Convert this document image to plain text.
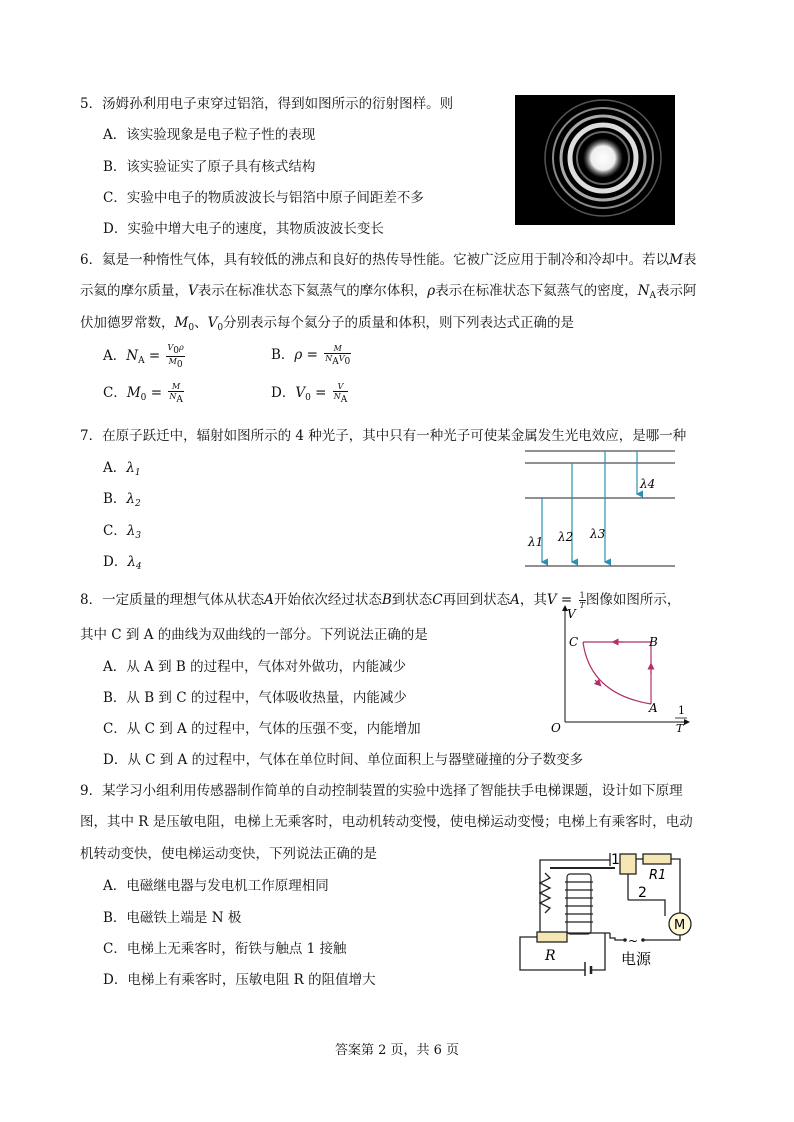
5．汤姆孙利用电子束穿过铝箔，得到如图所示的衍射图样。则
A．该实验现象是电子粒子性的表现
B．该实验证实了原子具有核式结构
C．实验中电子的物质波波长与铝箔中原子间距差不多
D．实验中增大电子的速度，其物质波波长变长
6．氦是一种惰性气体，具有较低的沸点和良好的热传导性能。它被广泛应用于制冷和冷却中。若以M表
示氦的摩尔质量，V表示在标准状态下氦蒸气的摩尔体积，ρ表示在标准状态下氦蒸气的密度，$N_A$表示阿
伏加德罗常数，$M_0$、$V_0$分别表示每个氦分子的质量和体积，则下列表达式正确的是
A．$N_A = \frac{V_0\rho}{M_0}$	B．$\rho = \frac{M}{N_AV_0}$
C．$M_0 = \frac{M}{N_A}$	D．$V_0 = \frac{V}{N_A}$
7．在原子跃迁中，辐射如图所示的 4 种光子，其中只有一种光子可使某金属发生光电效应，是哪一种
A．$\lambda_1$
B．$\lambda_2$
C．$\lambda_3$
D．$\lambda_4$
λ1 λ2 λ3
λ4
8．一定质量的理想气体从状态A开始依次经过状态B到状态C再回到状态A，其$V = \frac{1}{T}$ 图像如图所示，
其中 C 到 A 的曲线为双曲线的一部分。下列说法正确的是
A．从 A 到 B 的过程中，气体对外做功，内能减少
B．从 B 到 C 的过程中，气体吸收热量，内能减少
C．从 C 到 A 的过程中，气体的压强不变，内能增加
D．从 C 到 A 的过程中，气体在单位时间、单位面积上与器壁碰撞的分子数变多
V
1
T
O
C	B
A
9．某学习小组利用传感器制作简单的自动控制装置的实验中选择了智能扶手电梯课题，设计如下原理
图，其中 R 是压敏电阻，电梯上无乘客时，电动机转动变慢，使电梯运动变慢；电梯上有乘客时，电动
机转动变快，使电梯运动变快，下列说法正确的是
A．电磁继电器与发电机工作原理相同
B．电磁铁上端是 N 极
C．电梯上无乘客时，衔铁与触点 1 接触
D．电梯上有乘客时，压敏电阻 R 的阻值增大
1
2
R1
M
~
电源
R
答案第 2 页，共 6 页
